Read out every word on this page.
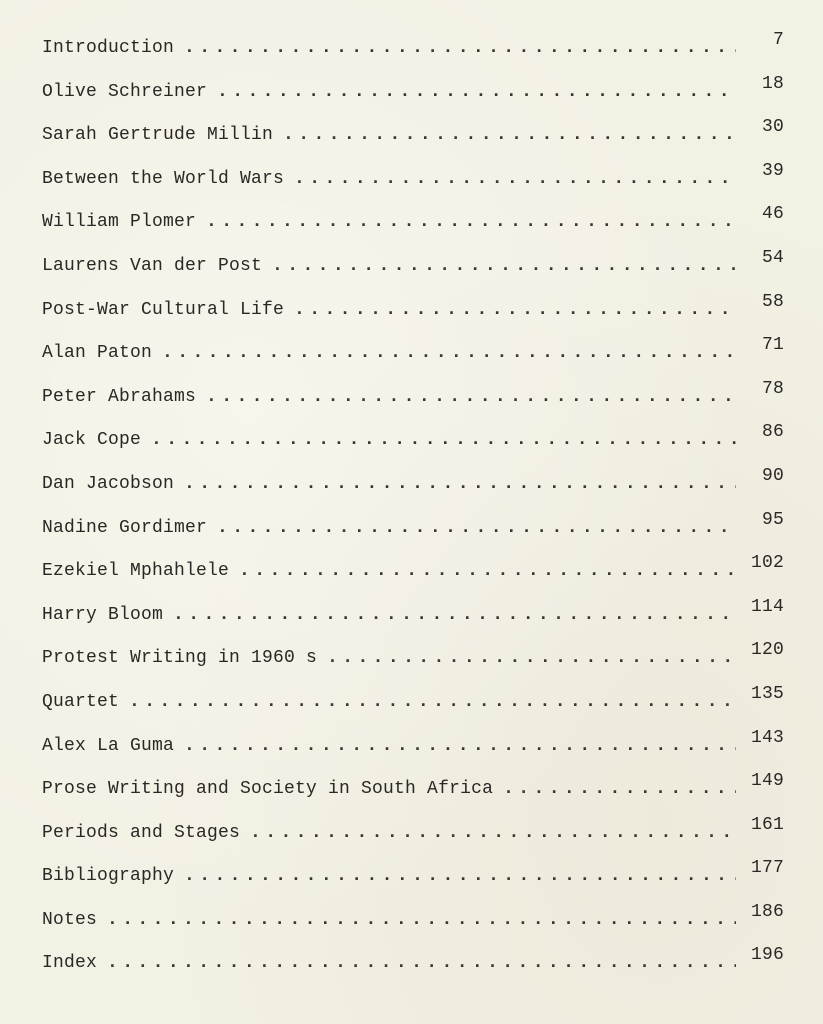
Introduction . . .	7
Olive Schreiner . . .	18
Sarah Gertrude Millin . . .	30
Between the World Wars . . .	39
William Plomer . . .	46
Laurens Van der Post . . .	54
Post-War Cultural Life . . .	58
Alan Paton . . .	71
Peter Abrahams . . .	78
Jack Cope . . .	86
Dan Jacobson . . .	90
Nadine Gordimer . . .	95
Ezekiel Mphahlele . . .	102
Harry Bloom . . .	114
Protest Writing in 1960 s . . .	120
Quartet . . .	135
Alex La Guma . . .	143
Prose Writing and Society in South Africa . . .	149
Periods and Stages . . .	161
Bibliography . . .	177
Notes . . .	186
Index . . .	196
